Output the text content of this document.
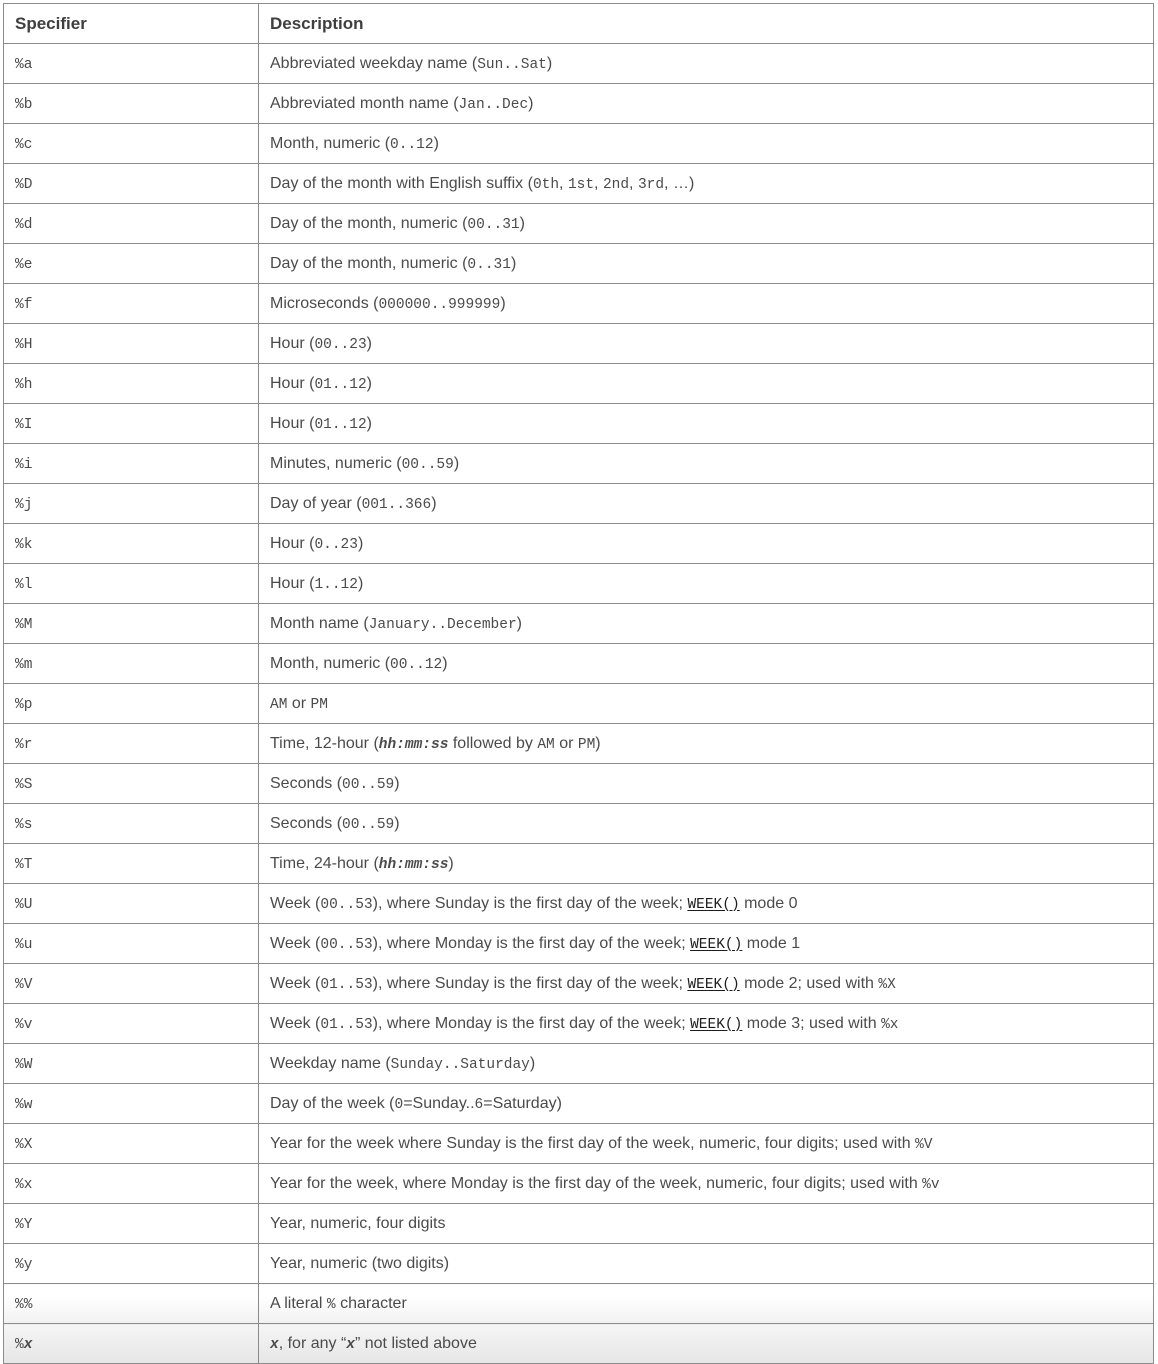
Specifier	Description
%a	Abbreviated weekday name (Sun..Sat)
%b	Abbreviated month name (Jan..Dec)
%c	Month, numeric (0..12)
%D	Day of the month with English suffix (0th, 1st, 2nd, 3rd, …)
%d	Day of the month, numeric (00..31)
%e	Day of the month, numeric (0..31)
%f	Microseconds (000000..999999)
%H	Hour (00..23)
%h	Hour (01..12)
%I	Hour (01..12)
%i	Minutes, numeric (00..59)
%j	Day of year (001..366)
%k	Hour (0..23)
%l	Hour (1..12)
%M	Month name (January..December)
%m	Month, numeric (00..12)
%p	AM or PM
%r	Time, 12-hour (hh:mm:ss followed by AM or PM)
%S	Seconds (00..59)
%s	Seconds (00..59)
%T	Time, 24-hour (hh:mm:ss)
%U	Week (00..53), where Sunday is the first day of the week; WEEK() mode 0
%u	Week (00..53), where Monday is the first day of the week; WEEK() mode 1
%V	Week (01..53), where Sunday is the first day of the week; WEEK() mode 2; used with %X
%v	Week (01..53), where Monday is the first day of the week; WEEK() mode 3; used with %x
%W	Weekday name (Sunday..Saturday)
%w	Day of the week (0=Sunday..6=Saturday)
%X	Year for the week where Sunday is the first day of the week, numeric, four digits; used with %V
%x	Year for the week, where Monday is the first day of the week, numeric, four digits; used with %v
%Y	Year, numeric, four digits
%y	Year, numeric (two digits)
%%	A literal % character
%x	x, for any “x” not listed above
